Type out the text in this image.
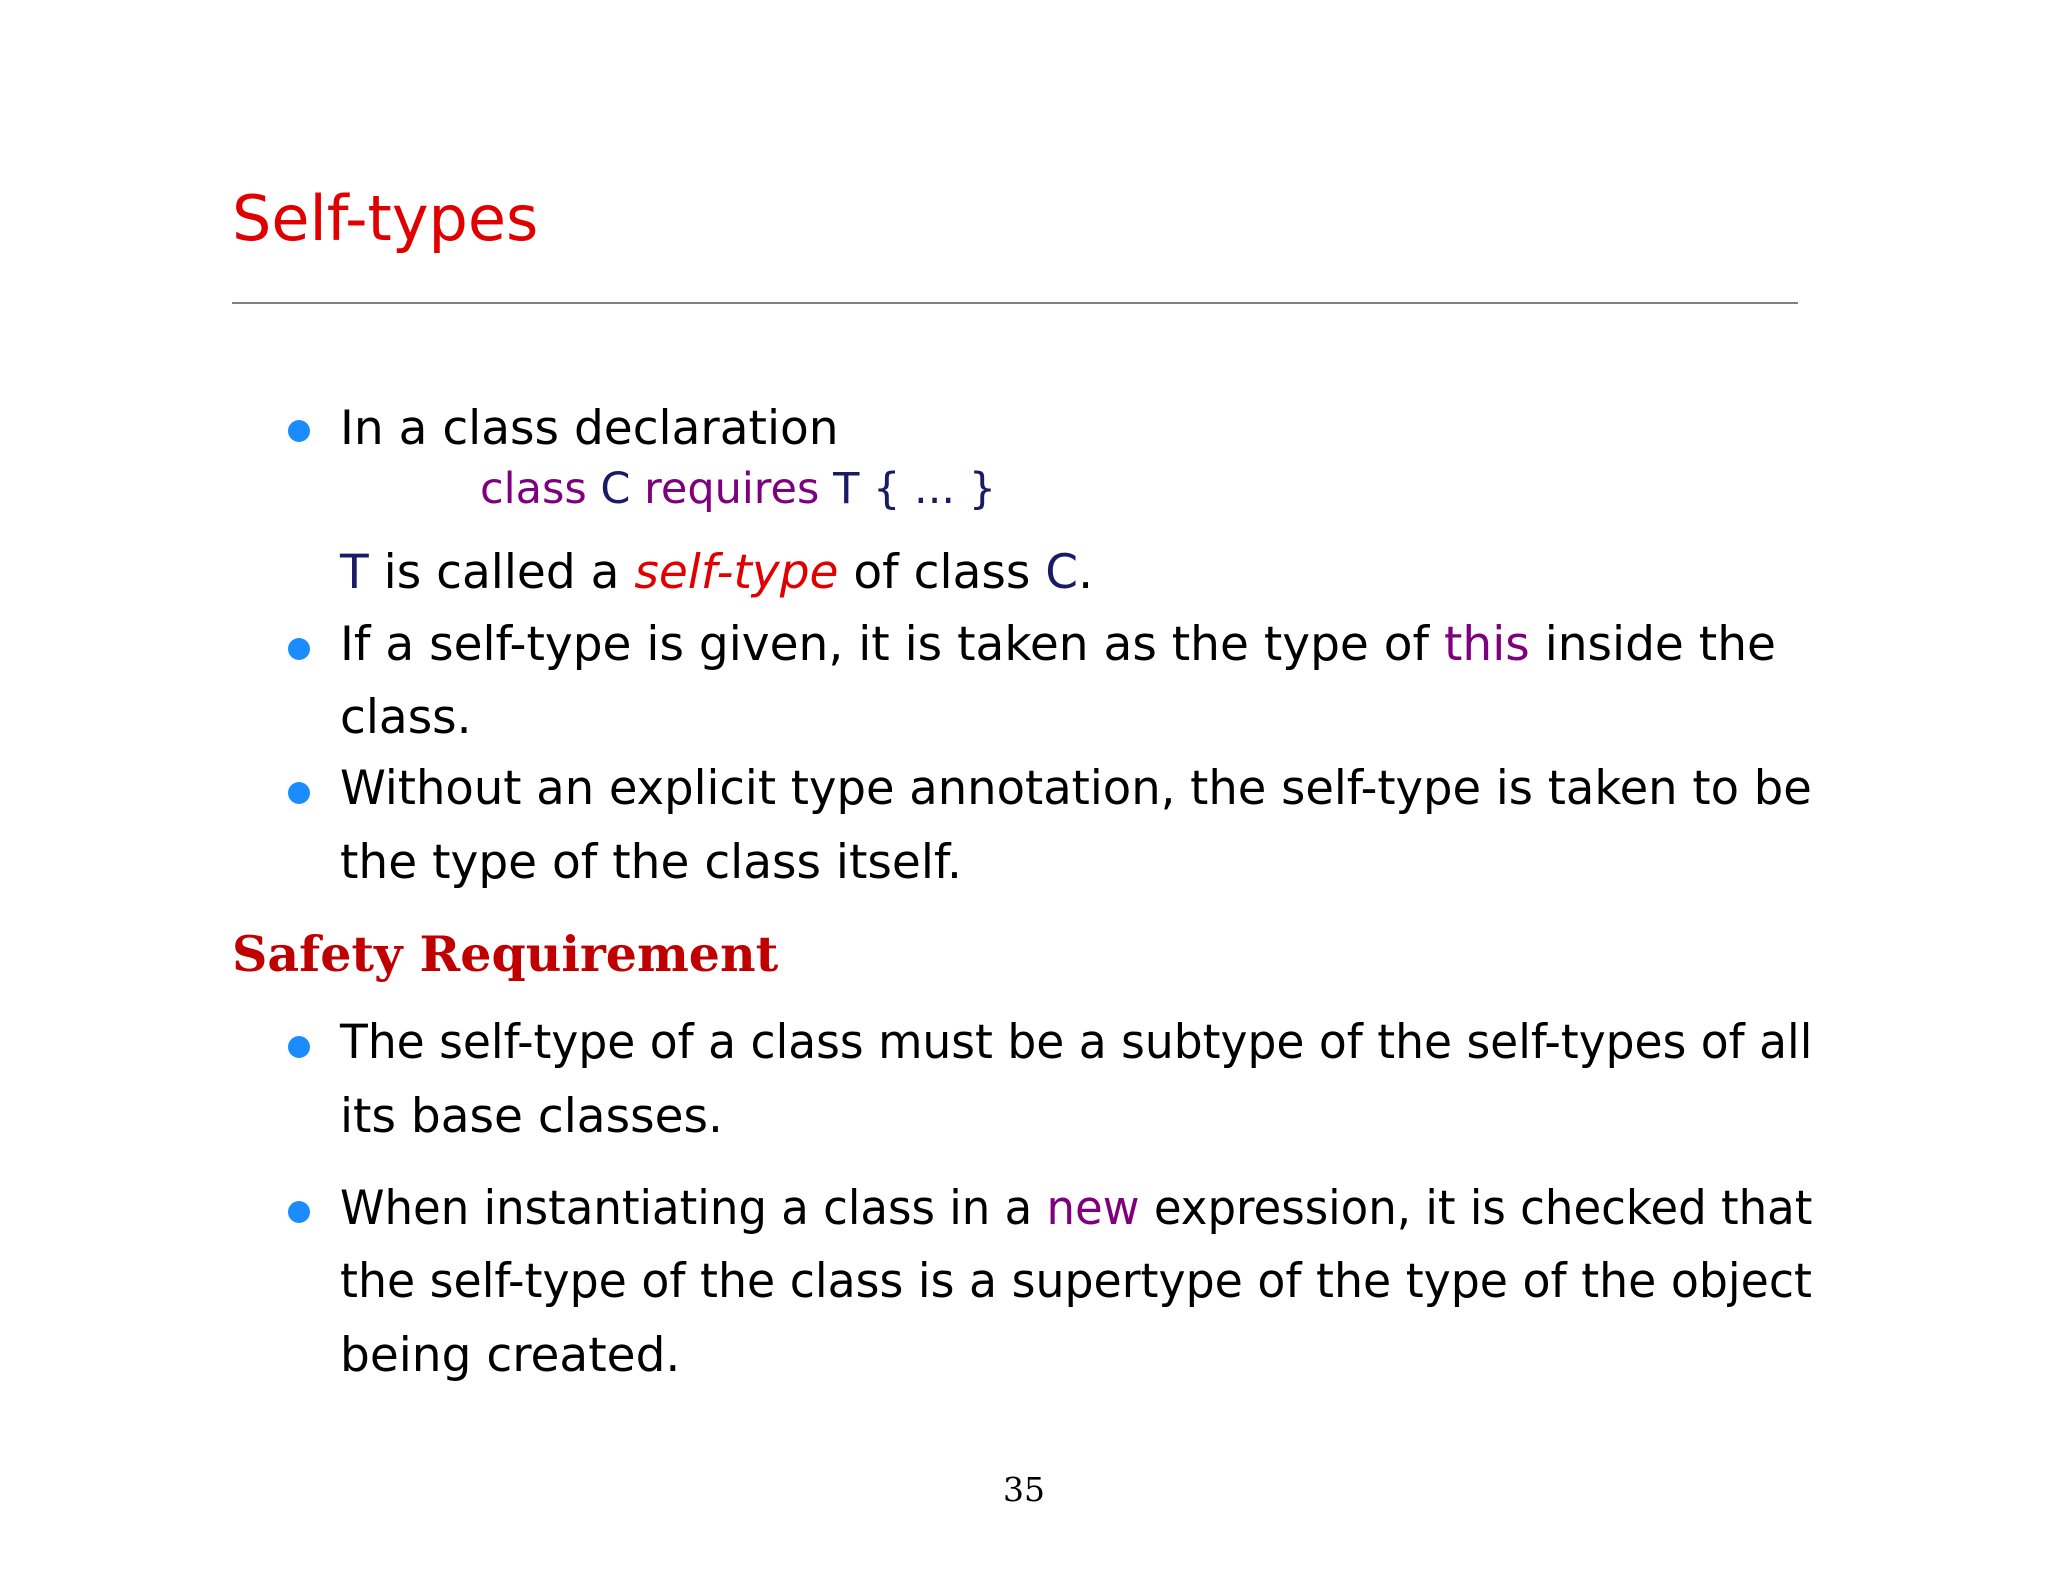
Self-types

In a class declaration

class C requires T { ... }

T is called a self-type of class C.

If a self-type is given, it is taken as the type of this inside the

class.

Without an explicit type annotation, the self-type is taken to be

the type of the class itself.

Safety Requirement

The self-type of a class must be a subtype of the self-types of all

its base classes.

When instantiating a class in a new expression, it is checked that

the self-type of the class is a supertype of the type of the object

being created.

35
